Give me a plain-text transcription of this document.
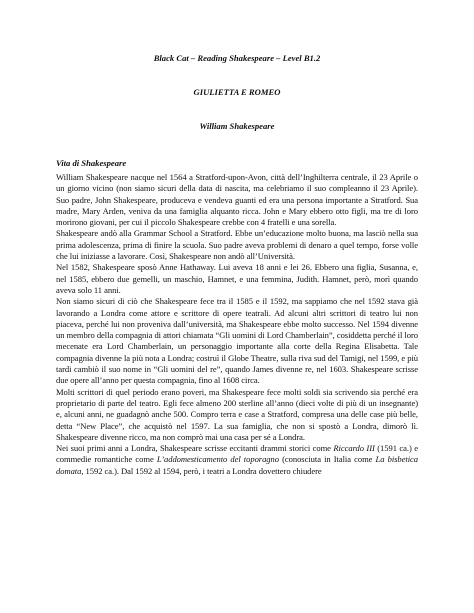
Black Cat – Reading Shakespeare – Level B1.2
GIULIETTA E ROMEO
William Shakespeare
Vita di Shakespeare

William Shakespeare nacque nel 1564 a Stratford-upon-Avon, città dell’Inghilterra centrale, il 23 Aprile o un giorno vicino (non siamo sicuri della data di nascita, ma celebriamo il suo compleanno il 23 Aprile). Suo padre, John Shakespeare, produceva e vendeva guanti ed era una persona importante a Stratford. Sua madre, Mary Arden, veniva da una famiglia alquanto ricca. John e Mary ebbero otto figli, ma tre di loro morirono giovani, per cui il piccolo Shakespeare crebbe con 4 fratelli e una sorella.

Shakespeare andò alla Grammar School a Stratford. Ebbe un’educazione molto buona, ma lasciò nella sua prima adolescenza, prima di finire la scuola. Suo padre aveva problemi di denaro a quel tempo, forse volle che lui iniziasse a lavorare. Così, Shakespeare non andò all’Università.

Nel 1582, Shakespeare sposò Anne Hathaway. Lui aveva 18 anni e lei 26. Ebbero una figlia, Susanna, e, nel 1585, ebbero due gemelli, un maschio, Hamnet, e una femmina, Judith. Hamnet, però, morì quando aveva solo 11 anni.

Non siamo sicuri di ciò che Shakespeare fece tra il 1585 e il 1592, ma sappiamo che nel 1592 stava già lavorando a Londra come attore e scrittore di opere teatrali. Ad alcuni altri scrittori di teatro lui non piaceva, perché lui non proveniva dall’università, ma Shakespeare ebbe molto successo. Nel 1594 divenne un membro della compagnia di attori chiamata “Gli uomini di Lord Chamberlain”, cosiddetta perché il loro mecenate era Lord Chamberlain, un personaggio importante alla corte della Regina Elisabetta. Tale compagnia divenne la più nota a Londra; costruì il Globe Theatre, sulla riva sud del Tamigi, nel 1599, e più tardi cambiò il suo nome in “Gli uomini del re”, quando James divenne re, nel 1603. Shakespeare scrisse due opere all’anno per questa compagnia, fino al 1608 circa.

Molti scrittori di quel periodo erano poveri, ma Shakespeare fece molti soldi sia scrivendo sia perché era proprietario di parte del teatro. Egli fece almeno 200 sterline all’anno (dieci volte di più di un insegnante) e, alcuni anni, ne guadagnò anche 500. Compro terra e case a Stratford, compresa una delle case più belle, detta “New Place”, che acquistò nel 1597. La sua famiglia, che non si spostò a Londra, dimorò lì. Shakespeare divenne ricco, ma non comprò mai una casa per sé a Londra.

Nei suoi primi anni a Londra, Shakespeare scrisse eccitanti drammi storici come Riccardo III (1591 ca.) e commedie romantiche come L’addomesticamento del toporagno (conosciuta in Italia come La bisbetica domata, 1592 ca.). Dal 1592 al 1594, però, i teatri a Londra dovettero chiudere
